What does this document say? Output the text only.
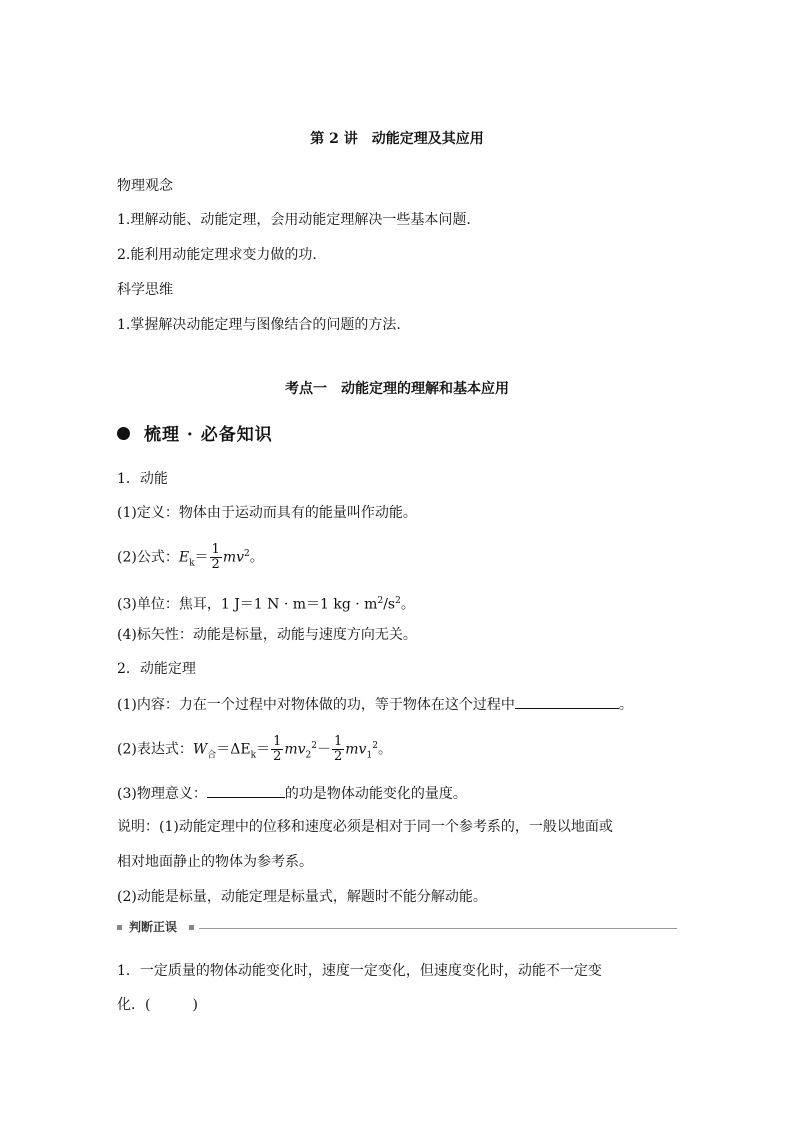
第 2 讲　动能定理及其应用
物理观念
1.理解动能、动能定理，会用动能定理解决一些基本问题.
2.能利用动能定理求变力做的功.
科学思维
1.掌握解决动能定理与图像结合的问题的方法.
考点一　动能定理的理解和基本应用
梳理 · 必备知识
1．动能
(1)定义：物体由于运动而具有的能量叫作动能。
(2)公式：$E_k= \frac{1}{2} mv^2$。
(3)单位：焦耳，1 J＝1 N · m＝1 kg · $m^2/s^2$。
(4)标矢性：动能是标量，动能与速度方向无关。
2．动能定理
(1)内容：力在一个过程中对物体做的功，等于物体在这个过程中	。
(2)表达式：$W_合=\Delta E_k= \frac{1}{2} mv_2^2- \frac{1}{2} mv_1^2$。
(3)物理意义：	的功是物体动能变化的量度。
说明：(1)动能定理中的位移和速度必须是相对于同一个参考系的，一般以地面或
相对地面静止的物体为参考系。
(2)动能是标量，动能定理是标量式，解题时不能分解动能。
判断正误
1．一定质量的物体动能变化时，速度一定变化，但速度变化时，动能不一定变
化．(　　　)
